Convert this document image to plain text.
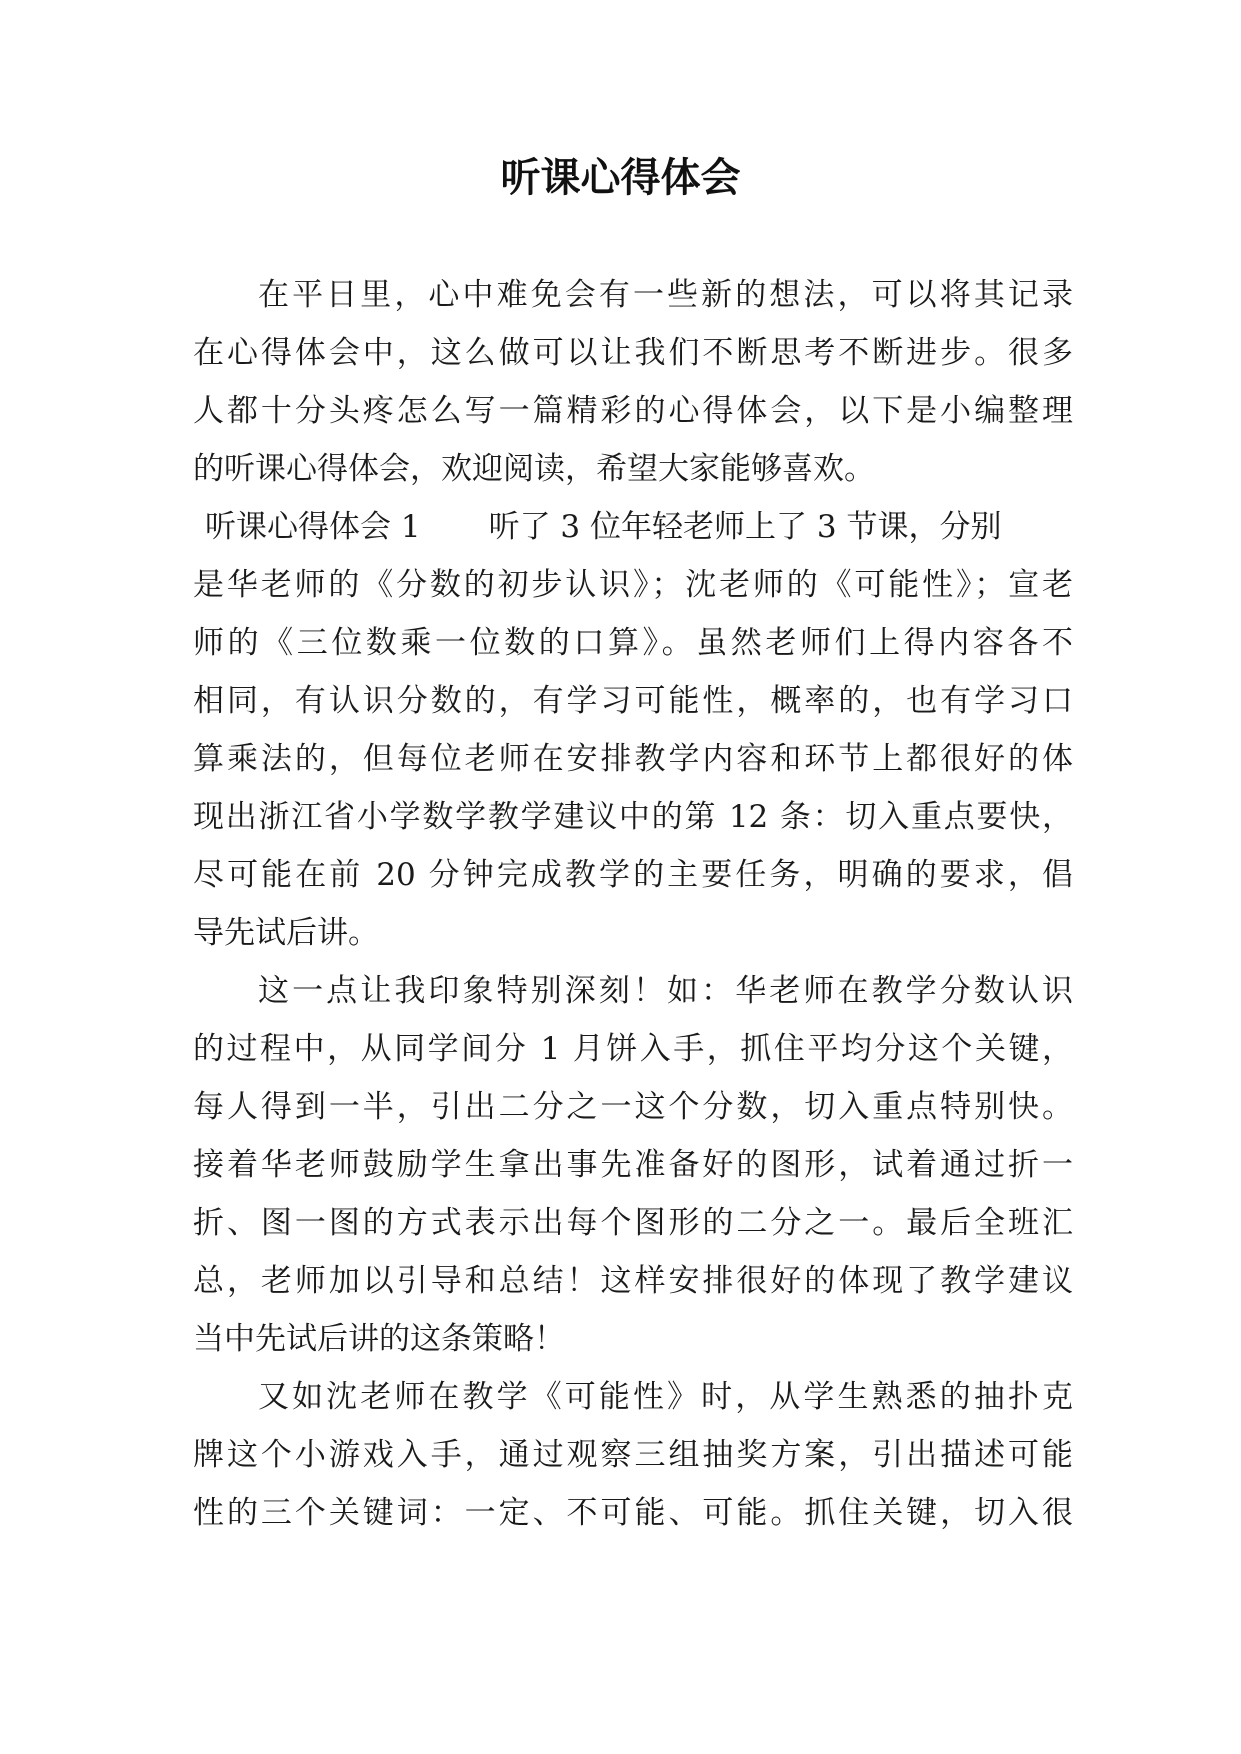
听课心得体会
在平日里，心中难免会有一些新的想法，可以将其记录
在心得体会中，这么做可以让我们不断思考不断进步。很多
人都十分头疼怎么写一篇精彩的心得体会，以下是小编整理
的听课心得体会，欢迎阅读，希望大家能够喜欢。
听课心得体会 1 听了 3 位年轻老师上了 3 节课，分别
是华老师的《分数的初步认识》；沈老师的《可能性》；宣老
师的《三位数乘一位数的口算》。虽然老师们上得内容各不
相同，有认识分数的，有学习可能性，概率的，也有学习口
算乘法的，但每位老师在安排教学内容和环节上都很好的体
现出浙江省小学数学教学建议中的第 12 条：切入重点要快，
尽可能在前 20 分钟完成教学的主要任务，明确的要求，倡
导先试后讲。
这一点让我印象特别深刻！如：华老师在教学分数认识
的过程中，从同学间分 1 月饼入手，抓住平均分这个关键，
每人得到一半，引出二分之一这个分数，切入重点特别快。
接着华老师鼓励学生拿出事先准备好的图形，试着通过折一
折、图一图的方式表示出每个图形的二分之一。最后全班汇
总，老师加以引导和总结！这样安排很好的体现了教学建议
当中先试后讲的这条策略！
又如沈老师在教学《可能性》时，从学生熟悉的抽扑克
牌这个小游戏入手，通过观察三组抽奖方案，引出描述可能
性的三个关键词：一定、不可能、可能。抓住关键，切入很
